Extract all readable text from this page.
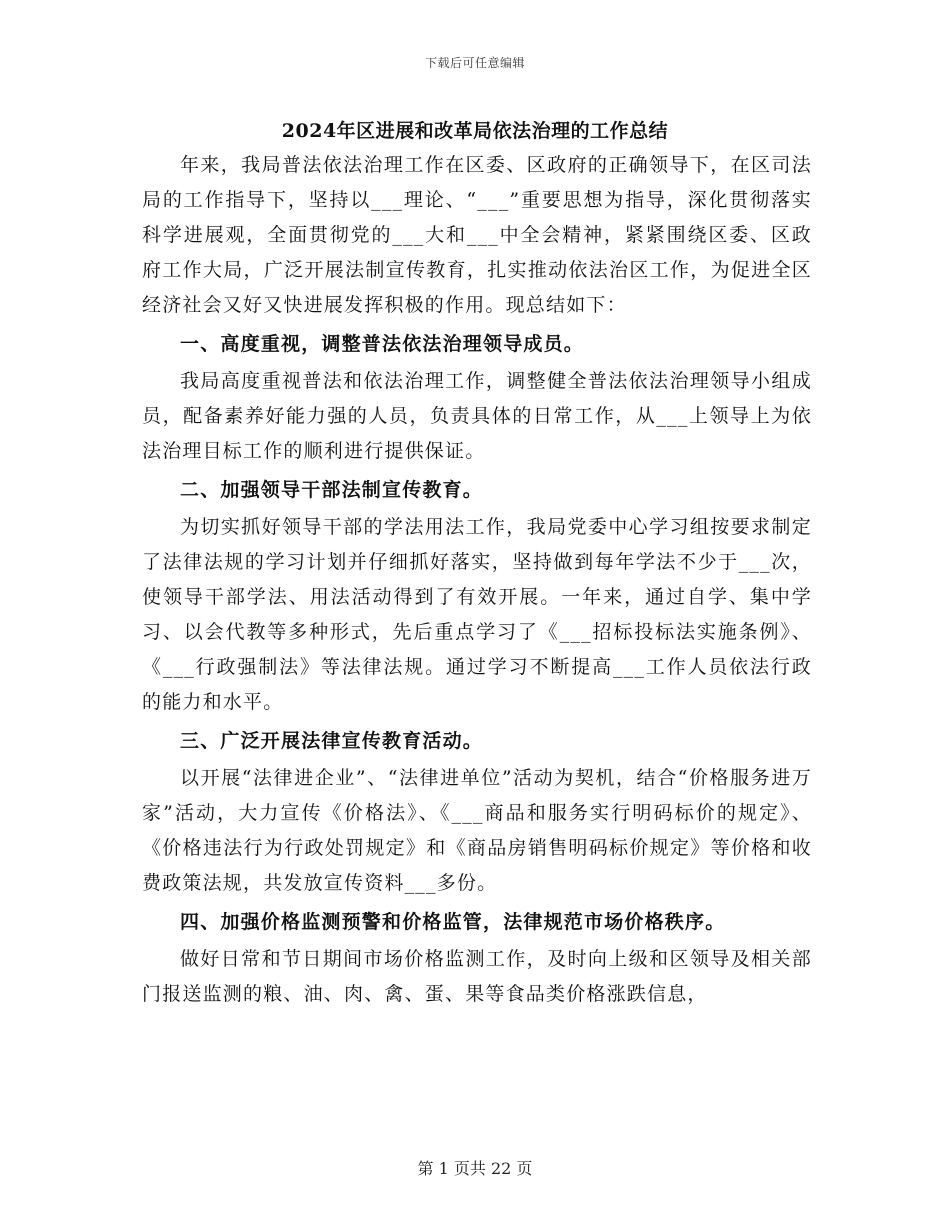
下载后可任意编辑
2024年区进展和改革局依法治理的工作总结

年来，我局普法依法治理工作在区委、区政府的正确领导下，在区司法局的工作指导下，坚持以___理论、“___”重要思想为指导，深化贯彻落实科学进展观，全面贯彻党的___大和___中全会精神，紧紧围绕区委、区政府工作大局，广泛开展法制宣传教育，扎实推动依法治区工作，为促进全区经济社会又好又快进展发挥积极的作用。现总结如下：

一、高度重视，调整普法依法治理领导成员。

我局高度重视普法和依法治理工作，调整健全普法依法治理领导小组成员，配备素养好能力强的人员，负责具体的日常工作，从___上领导上为依法治理目标工作的顺利进行提供保证。

二、加强领导干部法制宣传教育。

为切实抓好领导干部的学法用法工作，我局党委中心学习组按要求制定了法律法规的学习计划并仔细抓好落实，坚持做到每年学法不少于___次，使领导干部学法、用法活动得到了有效开展。一年来，通过自学、集中学习、以会代教等多种形式，先后重点学习了《___招标投标法实施条例》、《___行政强制法》等法律法规。通过学习不断提高___工作人员依法行政的能力和水平。

三、广泛开展法律宣传教育活动。

以开展“法律进企业”、“法律进单位”活动为契机，结合“价格服务进万家”活动，大力宣传《价格法》、《___商品和服务实行明码标价的规定》、《价格违法行为行政处罚规定》和《商品房销售明码标价规定》等价格和收费政策法规，共发放宣传资料___多份。

四、加强价格监测预警和价格监管，法律规范市场价格秩序。

做好日常和节日期间市场价格监测工作，及时向上级和区领导及相关部门报送监测的粮、油、肉、禽、蛋、果等食品类价格涨跌信息，

第 1 页共 22 页
